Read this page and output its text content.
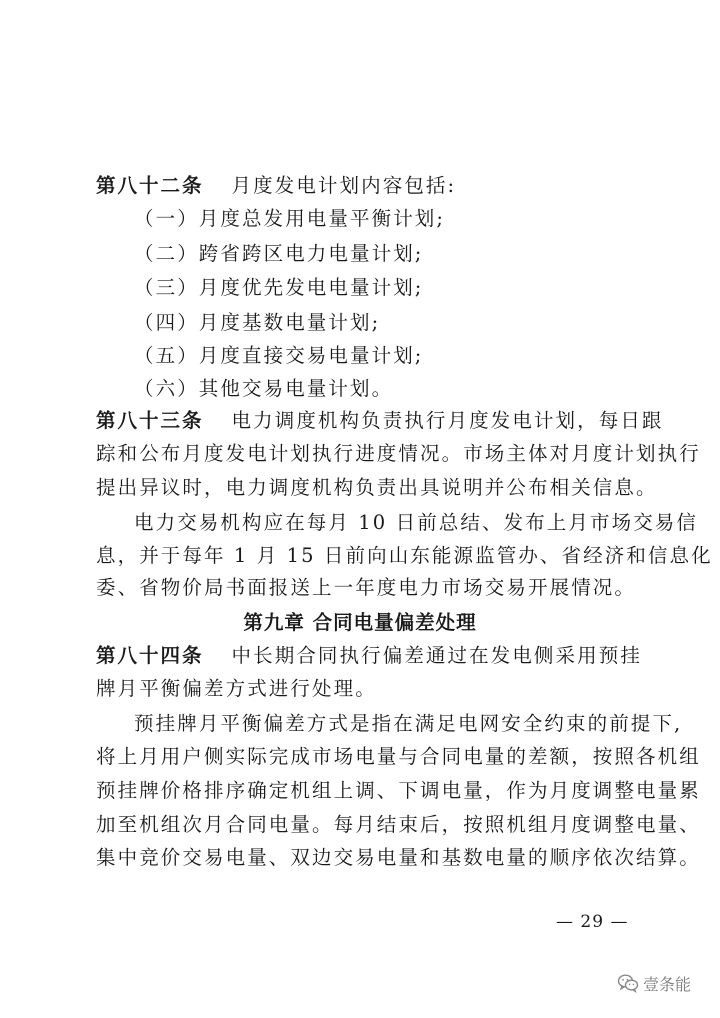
第八十二条 月度发电计划内容包括:
（一）月度总发用电量平衡计划;
（二）跨省跨区电力电量计划;
（三）月度优先发电电量计划;
（四）月度基数电量计划;
（五）月度直接交易电量计划;
（六）其他交易电量计划。
第八十三条 电力调度机构负责执行月度发电计划，每日跟
踪和公布月度发电计划执行进度情况。市场主体对月度计划执行
提出异议时，电力调度机构负责出具说明并公布相关信息。
电力交易机构应在每月 10 日前总结、发布上月市场交易信
息，并于每年 1 月 15 日前向山东能源监管办、省经济和信息化
委、省物价局书面报送上一年度电力市场交易开展情况。
第九章 合同电量偏差处理
第八十四条 中长期合同执行偏差通过在发电侧采用预挂
牌月平衡偏差方式进行处理。
预挂牌月平衡偏差方式是指在满足电网安全约束的前提下,
将上月用户侧实际完成市场电量与合同电量的差额，按照各机组
预挂牌价格排序确定机组上调、下调电量，作为月度调整电量累
加至机组次月合同电量。每月结束后，按照机组月度调整电量、
集中竞价交易电量、双边交易电量和基数电量的顺序依次结算。
— 29 —
壹条能
